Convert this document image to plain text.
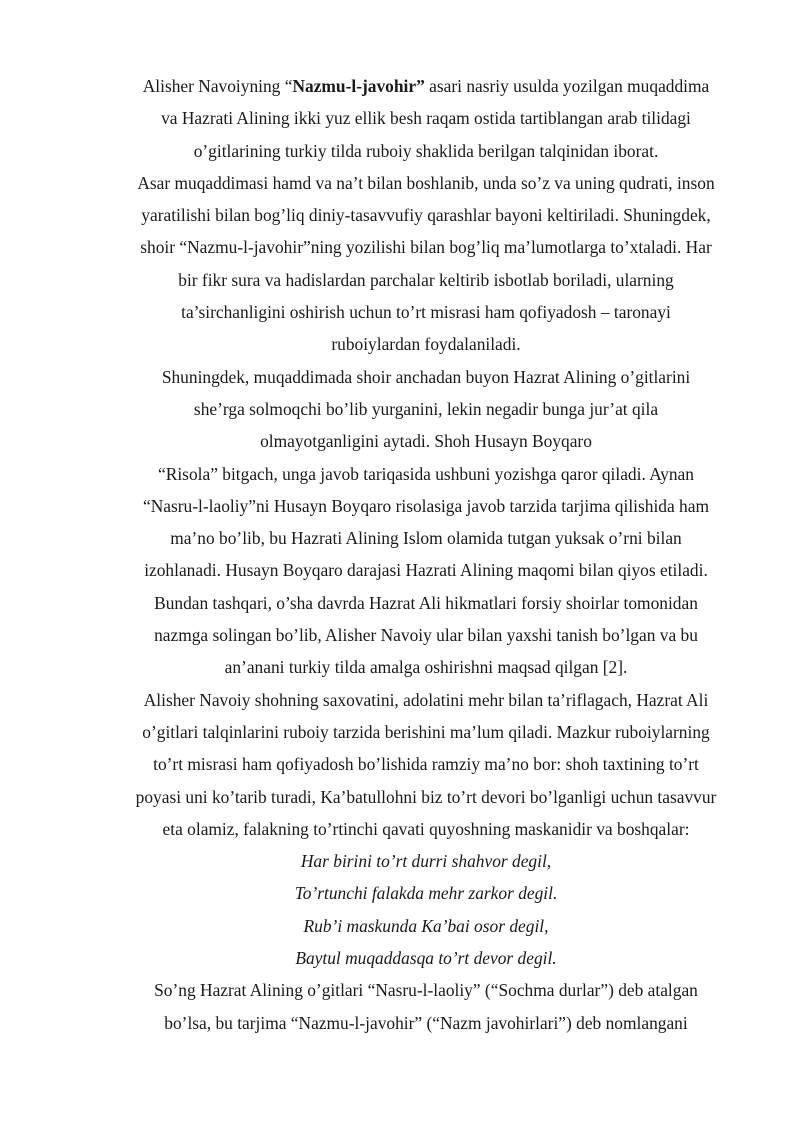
Alisher Navoiyning “Nazmu-l-javohir” asari nasriy usulda yozilgan muqaddima
va Hazrati Alining ikki yuz ellik besh raqam ostida tartiblangan arab tilidagi
o’gitlarining turkiy tilda ruboiy shaklida berilgan talqinidan iborat.
Asar muqaddimasi hamd va na’t bilan boshlanib, unda so’z va uning qudrati, inson
yaratilishi bilan bog’liq diniy-tasavvufiy qarashlar bayoni keltiriladi. Shuningdek,
shoir “Nazmu-l-javohir”ning yozilishi bilan bog’liq ma’lumotlarga to’xtaladi. Har
bir fikr sura va hadislardan parchalar keltirib isbotlab boriladi, ularning
ta’sirchanligini oshirish uchun to’rt misrasi ham qofiyadosh – taronayi
ruboiylardan foydalaniladi.
Shuningdek, muqaddimada shoir anchadan buyon Hazrat Alining o’gitlarini
she’rga solmoqchi bo’lib yurganini, lekin negadir bunga jur’at qila
olmayotganligini aytadi. Shoh Husayn Boyqaro
“Risola” bitgach, unga javob tariqasida ushbuni yozishga qaror qiladi. Aynan
“Nasru-l-laoliy”ni Husayn Boyqaro risolasiga javob tarzida tarjima qilishida ham
ma’no bo’lib, bu Hazrati Alining Islom olamida tutgan yuksak o’rni bilan
izohlanadi. Husayn Boyqaro darajasi Hazrati Alining maqomi bilan qiyos etiladi.
Bundan tashqari, o’sha davrda Hazrat Ali hikmatlari forsiy shoirlar tomonidan
nazmga solingan bo’lib, Alisher Navoiy ular bilan yaxshi tanish bo’lgan va bu
an’anani turkiy tilda amalga oshirishni maqsad qilgan [2].
Alisher Navoiy shohning saxovatini, adolatini mehr bilan ta’riflagach, Hazrat Ali
o’gitlari talqinlarini ruboiy tarzida berishini ma’lum qiladi. Mazkur ruboiylarning
to’rt misrasi ham qofiyadosh bo’lishida ramziy ma’no bor: shoh taxtining to’rt
poyasi uni ko’tarib turadi, Ka’batullohni biz to’rt devori bo’lganligi uchun tasavvur
eta olamiz, falakning to’rtinchi qavati quyoshning maskanidir va boshqalar:
Har birini to’rt durri shahvor degil,
To’rtunchi falakda mehr zarkor degil.
Rub’i maskunda Ka’bai osor degil,
Baytul muqaddasqa to’rt devor degil.
So’ng Hazrat Alining o’gitlari “Nasru-l-laoliy” (“Sochma durlar”) deb atalgan
bo’lsa, bu tarjima “Nazmu-l-javohir” (“Nazm javohirlari”) deb nomlangani
